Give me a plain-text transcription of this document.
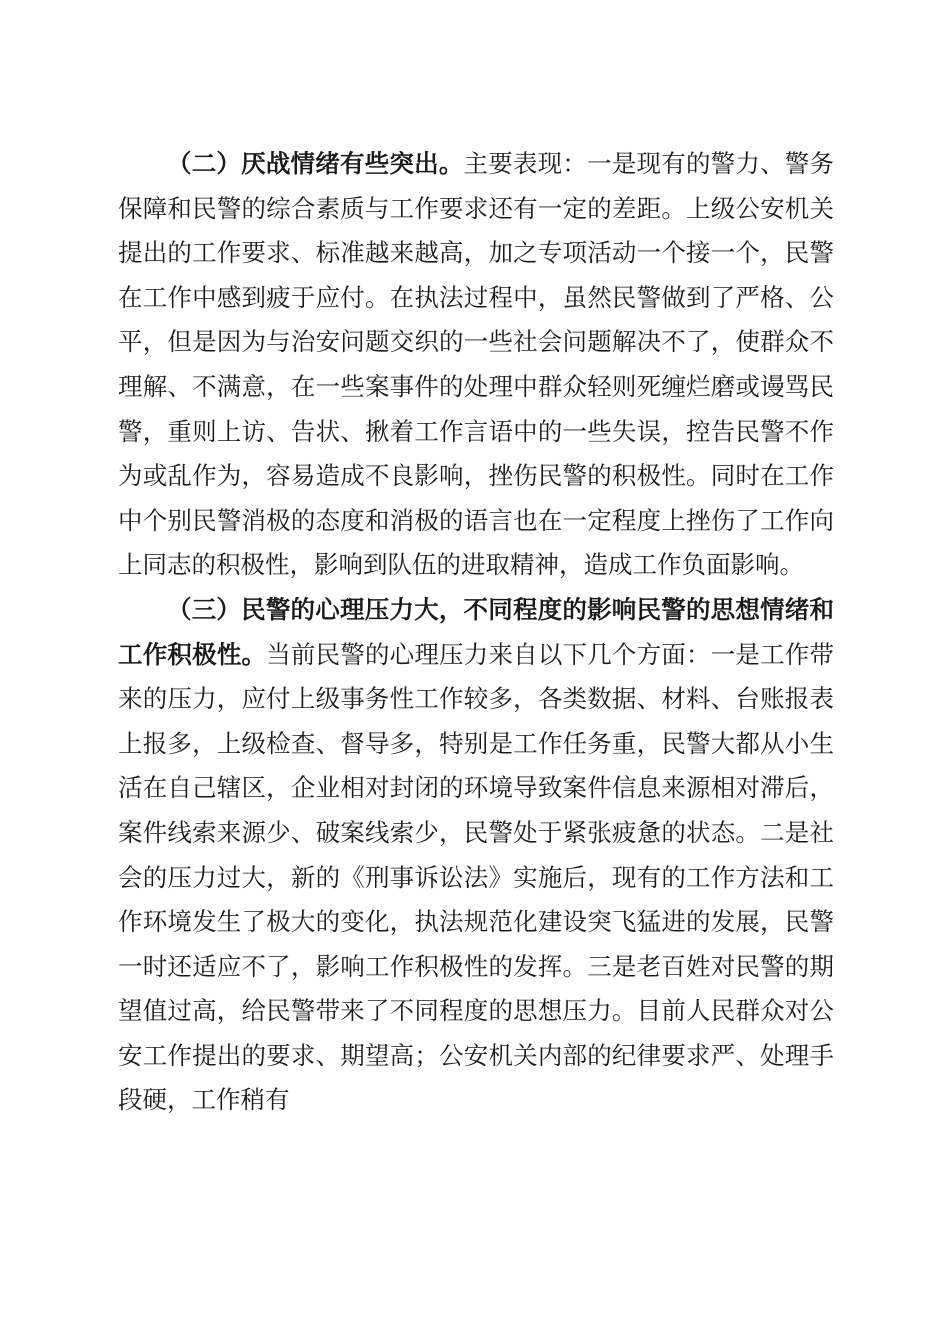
（二）厌战情绪有些突出。主要表现：一是现有的警力、警务保障和民警的综合素质与工作要求还有一定的差距。上级公安机关提出的工作要求、标准越来越高，加之专项活动一个接一个，民警在工作中感到疲于应付。在执法过程中，虽然民警做到了严格、公平，但是因为与治安问题交织的一些社会问题解决不了，使群众不理解、不满意，在一些案事件的处理中群众轻则死缠烂磨或谩骂民警，重则上访、告状、揪着工作言语中的一些失误，控告民警不作为或乱作为，容易造成不良影响，挫伤民警的积极性。同时在工作中个别民警消极的态度和消极的语言也在一定程度上挫伤了工作向上同志的积极性，影响到队伍的进取精神，造成工作负面影响。

（三）民警的心理压力大，不同程度的影响民警的思想情绪和工作积极性。当前民警的心理压力来自以下几个方面：一是工作带来的压力，应付上级事务性工作较多，各类数据、材料、台账报表上报多，上级检查、督导多，特别是工作任务重，民警大都从小生活在自己辖区，企业相对封闭的环境导致案件信息来源相对滞后，案件线索来源少、破案线索少，民警处于紧张疲惫的状态。二是社会的压力过大，新的《刑事诉讼法》实施后，现有的工作方法和工作环境发生了极大的变化，执法规范化建设突飞猛进的发展，民警一时还适应不了，影响工作积极性的发挥。三是老百姓对民警的期望值过高，给民警带来了不同程度的思想压力。目前人民群众对公安工作提出的要求、期望高；公安机关内部的纪律要求严、处理手段硬，工作稍有
